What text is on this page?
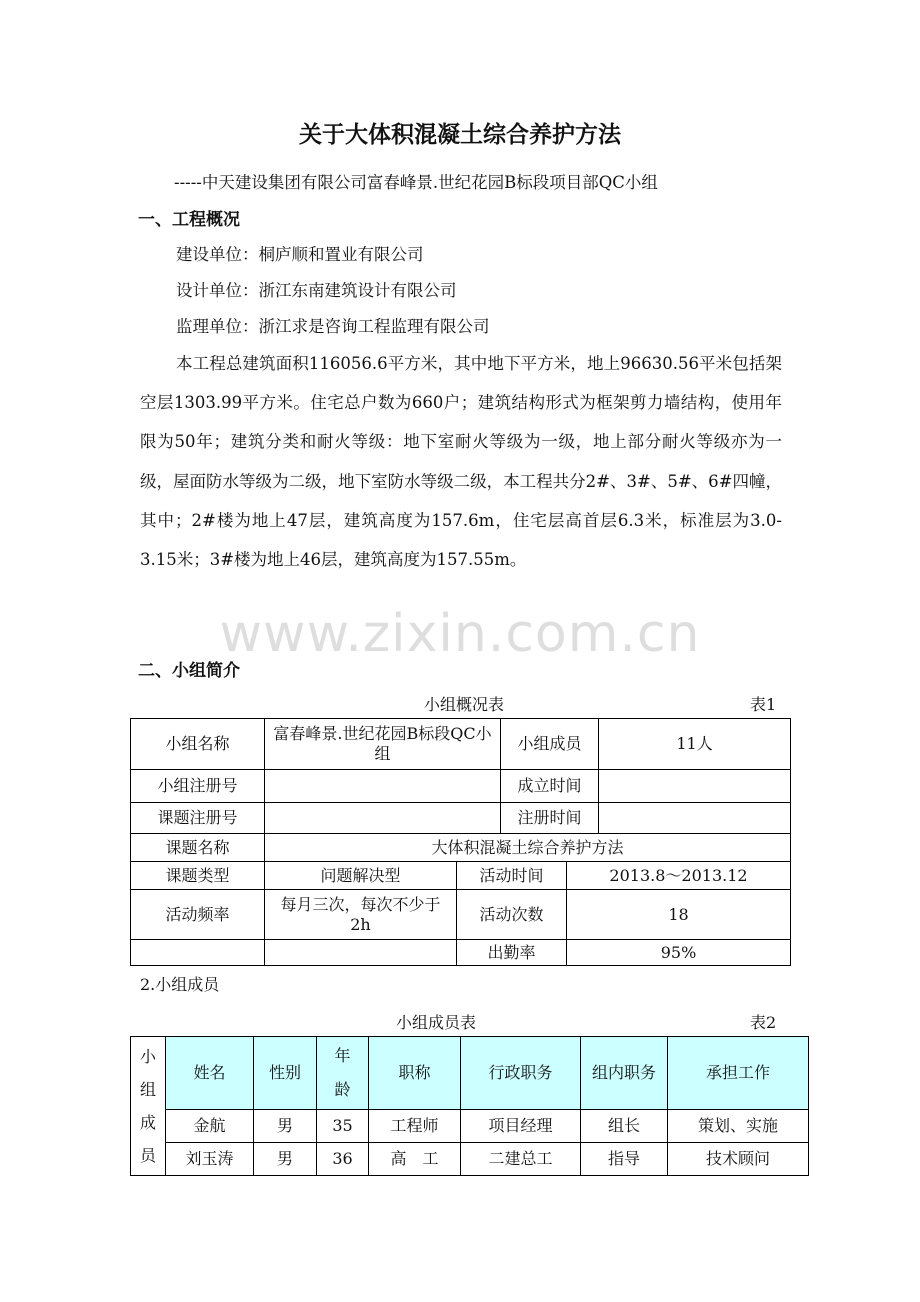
关于大体积混凝土综合养护方法
-----中天建设集团有限公司富春峰景.世纪花园B标段项目部QC小组
一、工程概况
建设单位：桐庐顺和置业有限公司
设计单位：浙江东南建筑设计有限公司
监理单位：浙江求是咨询工程监理有限公司
本工程总建筑面积116056.6平方米，其中地下平方米，地上96630.56平米包括架空层1303.99平方米。住宅总户数为660户；建筑结构形式为框架剪力墙结构，使用年限为50年；建筑分类和耐火等级：地下室耐火等级为一级，地上部分耐火等级亦为一级，屋面防水等级为二级，地下室防水等级二级，本工程共分2#、3#、5#、6#四幢，其中；2#楼为地上47层，建筑高度为157.6m，住宅层高首层6.3米，标准层为3.0-3.15米；3#楼为地上46层，建筑高度为157.55m。
www.zixin.com.cn
二、小组简介
小组概况表	表1
小组名称	富春峰景.世纪花园B标段QC小组		小组成员		11人
小组注册号			成立时间		
课题注册号			注册时间		
课题名称	大体积混凝土综合养护方法				
课题类型	问题解决型	活动时间		2013.8～2013.12	
活动频率	每月三次，每次不少于2h	活动次数		18	
		出勤率		95%	
2.小组成员
小组成员表	表2
小
组
成
员	姓名	性别	年龄	职称	行政职务	组内职务	承担工作
	金航	男	35	工程师	项目经理	组长	策划、实施
	刘玉涛	男	36	高　工	二建总工	指导	技术顾问
